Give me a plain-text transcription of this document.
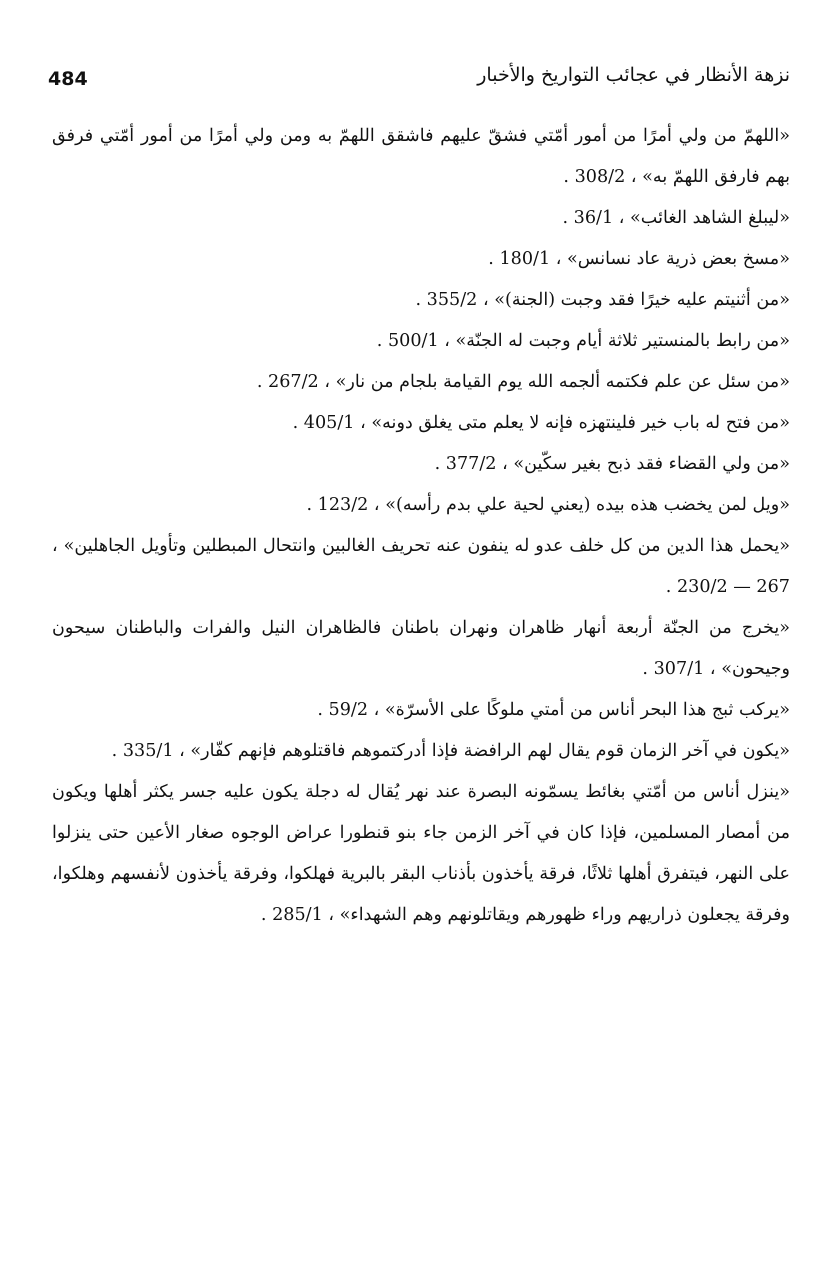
484	نزهة الأنظار في عجائب التواريخ والأخبار

«اللهمّ من ولي أمرًا من أمور أمّتي فشقّ عليهم فاشقق اللهمّ به ومن ولي أمرًا من أمور أمّتي فرفق بهم فارفق اللهمّ به» ، 308/2 .

«ليبلغ الشاهد الغائب» ، 36/1 .

«مسخ بعض ذرية عاد نسانس» ، 180/1 .

«من أثنيتم عليه خيرًا فقد وجبت (الجنة)» ، 355/2 .

«من رابط بالمنستير ثلاثة أيام وجبت له الجنّة» ، 500/1 .

«من سئل عن علم فكتمه ألجمه الله يوم القيامة بلجام من نار» ، 267/2 .

«من فتح له باب خير فلينتهزه فإنه لا يعلم متى يغلق دونه» ، 405/1 .

«من ولي القضاء فقد ذبح بغير سكّين» ، 377/2 .

«ويل لمن يخضب هذه بيده (يعني لحية علي بدم رأسه)» ، 123/2 .

«يحمل هذا الدين من كل خلف عدو له ينفون عنه تحريف الغالبين وانتحال المبطلين وتأويل الجاهلين» ، 230/2 — 267 .

«يخرج من الجنّة أربعة أنهار ظاهران ونهران باطنان فالظاهران النيل والفرات والباطنان سيحون وجيحون» ، 307/1 .

«يركب ثبج هذا البحر أناس من أمتي ملوكًا على الأسرّة» ، 59/2 .

«يكون في آخر الزمان قوم يقال لهم الرافضة فإذا أدركتموهم فاقتلوهم فإنهم كفّار» ، 335/1 .

«ينزل أناس من أمّتي بغائط يسمّونه البصرة عند نهر يُقال له دجلة يكون عليه جسر يكثر أهلها ويكون من أمصار المسلمين، فإذا كان في آخر الزمن جاء بنو قنطورا عراض الوجوه صغار الأعين حتى ينزلوا على النهر، فيتفرق أهلها ثلاثًا، فرقة يأخذون بأذناب البقر بالبرية فهلكوا، وفرقة يأخذون لأنفسهم وهلكوا، وفرقة يجعلون ذراريهم وراء ظهورهم ويقاتلونهم وهم الشهداء» ، 285/1 .
